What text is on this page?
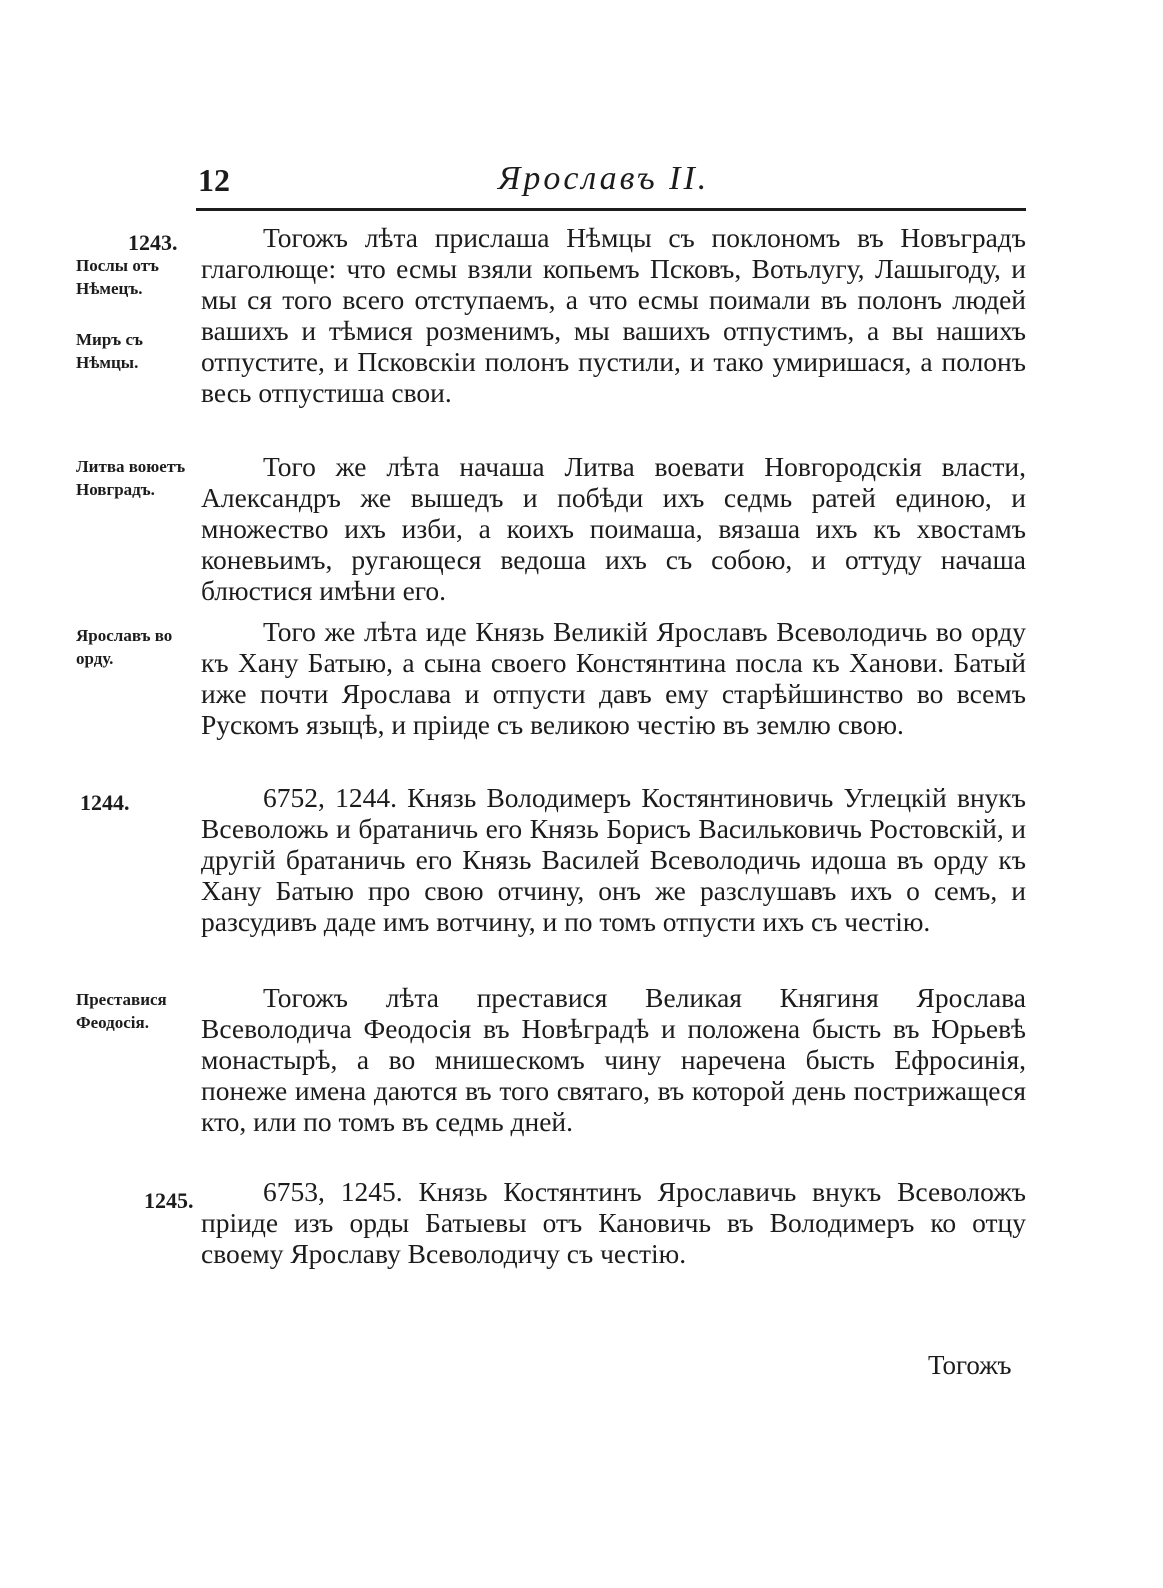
12	Ярославъ II.
1243.
Послы отъ Нѣмецъ.
Миръ съ Нѣмцы.

Тогожъ лѣта прислаша Нѣмцы съ поклономъ въ Новъградъ глаголюще: что есмы взяли копьемъ Псковъ, Вотьлугу, Лашыгоду, и мы ся того всего отступаемъ, а что есмы поимали въ полонъ людей вашихъ и тѣмися розменимъ, мы вашихъ отпустимъ, а вы нашихъ отпустите, и Псковскіи полонъ пустили, и тако умиришася, а полонъ весь отпустиша свои.

Литва воюетъ Новградъ.

Того же лѣта начаша Литва воевати Новгородскія власти, Александръ же вышедъ и побѣди ихъ седмь ратей единою, и множество ихъ изби, а коихъ поимаша, вязаша ихъ къ хвостамъ коневьимъ, ругающеся ведоша ихъ съ собою, и оттуду начаша блюстися имѣни его.

Ярославъ во орду.

Того же лѣта иде Князь Великій Ярославъ Всеволодичь во орду къ Хану Батыю, а сына своего Констянтина посла къ Ханови. Батый иже почти Ярослава и отпусти давъ ему старѣйшинство во всемъ Рускомъ языцѣ, и пріиде съ великою честію въ землю свою.

1244.	6752, 1244. Князь Володимеръ Костянтиновичь Углецкій внукъ Всеволожь и братаничь его Князь Борисъ Васильковичь Ростовскій, и другій братаничь его Князь Василей Всеволодичь идоша въ орду къ Хану Батыю про свою отчину, онъ же разслушавъ ихъ о семъ, и разсудивъ даде имъ вотчину, и по томъ отпусти ихъ съ честію.

Преставися Феодосія.

Тогожъ лѣта преставися Великая Княгиня Ярослава Всеволодича Феодосія въ Новѣградѣ и положена бысть въ Юрьевѣ монастырѣ, а во мнишескомъ чину наречена бысть Ефросинія, понеже имена даются въ того святаго, въ которой день пострижащеся кто, или по томъ въ седмь дней.

1245.	6753, 1245. Князь Костянтинъ Ярославичь внукъ Всеволожъ пріиде изъ орды Батыевы отъ Кановичь въ Володимеръ ко отцу своему Ярославу Всеволодичу съ честію.

Тогожъ
